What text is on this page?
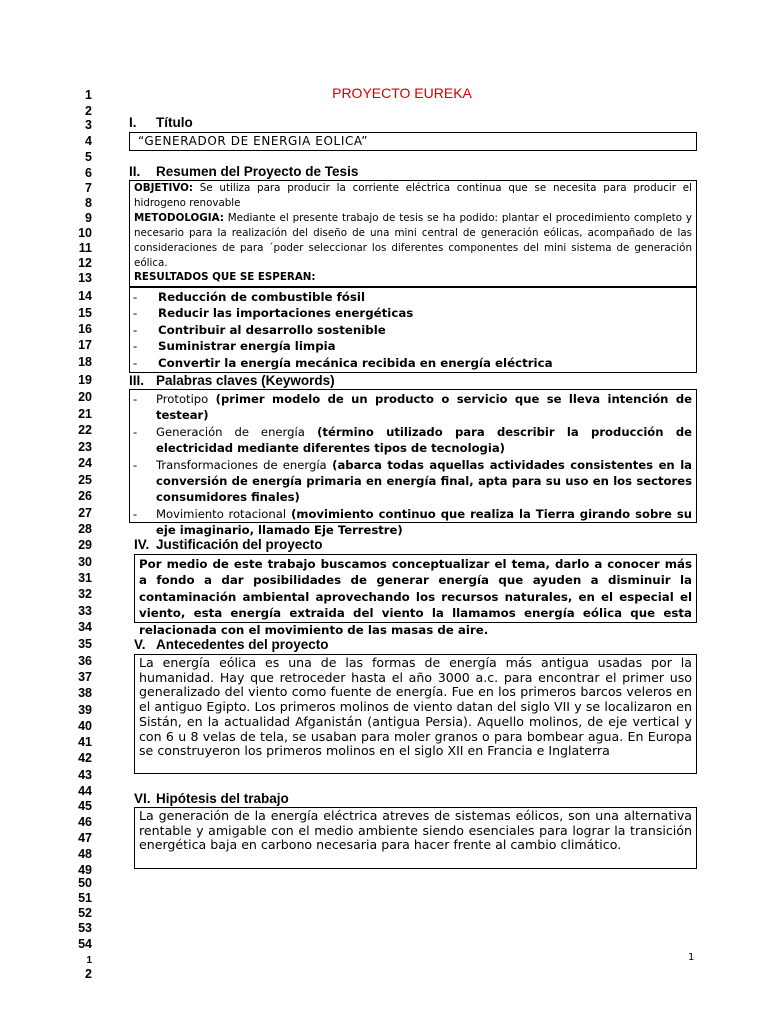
1
2
3
4
5
6
7
8
9
10
11
12
13
14
15
16
17
18
19
20
21
22
23
24
25
26
27
28
29
30
31
32
33
34
35
36
37
38
39
40
41
42
43
44
45
46
47
48
49
50
51
52
53
54
1
2
PROYECTO EUREKA
I. Título
“GENERADOR DE ENERGIA EOLICA”
II. Resumen del Proyecto de Tesis
OBJETIVO: Se utiliza para producir la corriente eléctrica continua que se necesita para producir el hidrogeno renovable
METODOLOGIA: Mediante el presente trabajo de tesis se ha podido: plantar el procedimiento completo y necesario para la realización del diseño de una mini central de generación eólicas, acompañado de las consideraciones de para ´poder seleccionar los diferentes componentes del mini sistema de generación eólica.
RESULTADOS QUE SE ESPERAN:
- Reducción de combustible fósil
- Reducir las importaciones energéticas
- Contribuir al desarrollo sostenible
- Suministrar energía limpia
- Convertir la energía mecánica recibida en energía eléctrica
III. Palabras claves (Keywords)
- Prototipo (primer modelo de un producto o servicio que se lleva intención de testear)
- Generación de energía (término utilizado para describir la producción de electricidad mediante diferentes tipos de tecnologia)
- Transformaciones de energía (abarca todas aquellas actividades consistentes en la conversión de energía primaria en energía final, apta para su uso en los sectores consumidores finales)
- Movimiento rotacional (movimiento continuo que realiza la Tierra girando sobre su eje imaginario, llamado Eje Terrestre)
IV. Justificación del proyecto
Por medio de este trabajo buscamos conceptualizar el tema, darlo a conocer más a fondo a dar posibilidades de generar energía que ayuden a disminuir la contaminación ambiental aprovechando los recursos naturales, en el especial el viento, esta energía extraida del viento la llamamos energía eólica que esta relacionada con el movimiento de las masas de aire.
V. Antecedentes del proyecto
La energía eólica es una de las formas de energía más antigua usadas por la humanidad. Hay que retroceder hasta el año 3000 a.c. para encontrar el primer uso generalizado del viento como fuente de energía. Fue en los primeros barcos veleros en el antiguo Egipto. Los primeros molinos de viento datan del siglo VII y se localizaron en Sistán, en la actualidad Afganistán (antigua Persia). Aquello molinos, de eje vertical y con 6 u 8 velas de tela, se usaban para moler granos o para bombear agua. En Europa se construyeron los primeros molinos en el siglo XII en Francia e Inglaterra
VI. Hipótesis del trabajo
La generación de la energía eléctrica atreves de sistemas eólicos, son una alternativa rentable y amigable con el medio ambiente siendo esenciales para lograr la transición energética baja en carbono necesaria para hacer frente al cambio climático.
1
